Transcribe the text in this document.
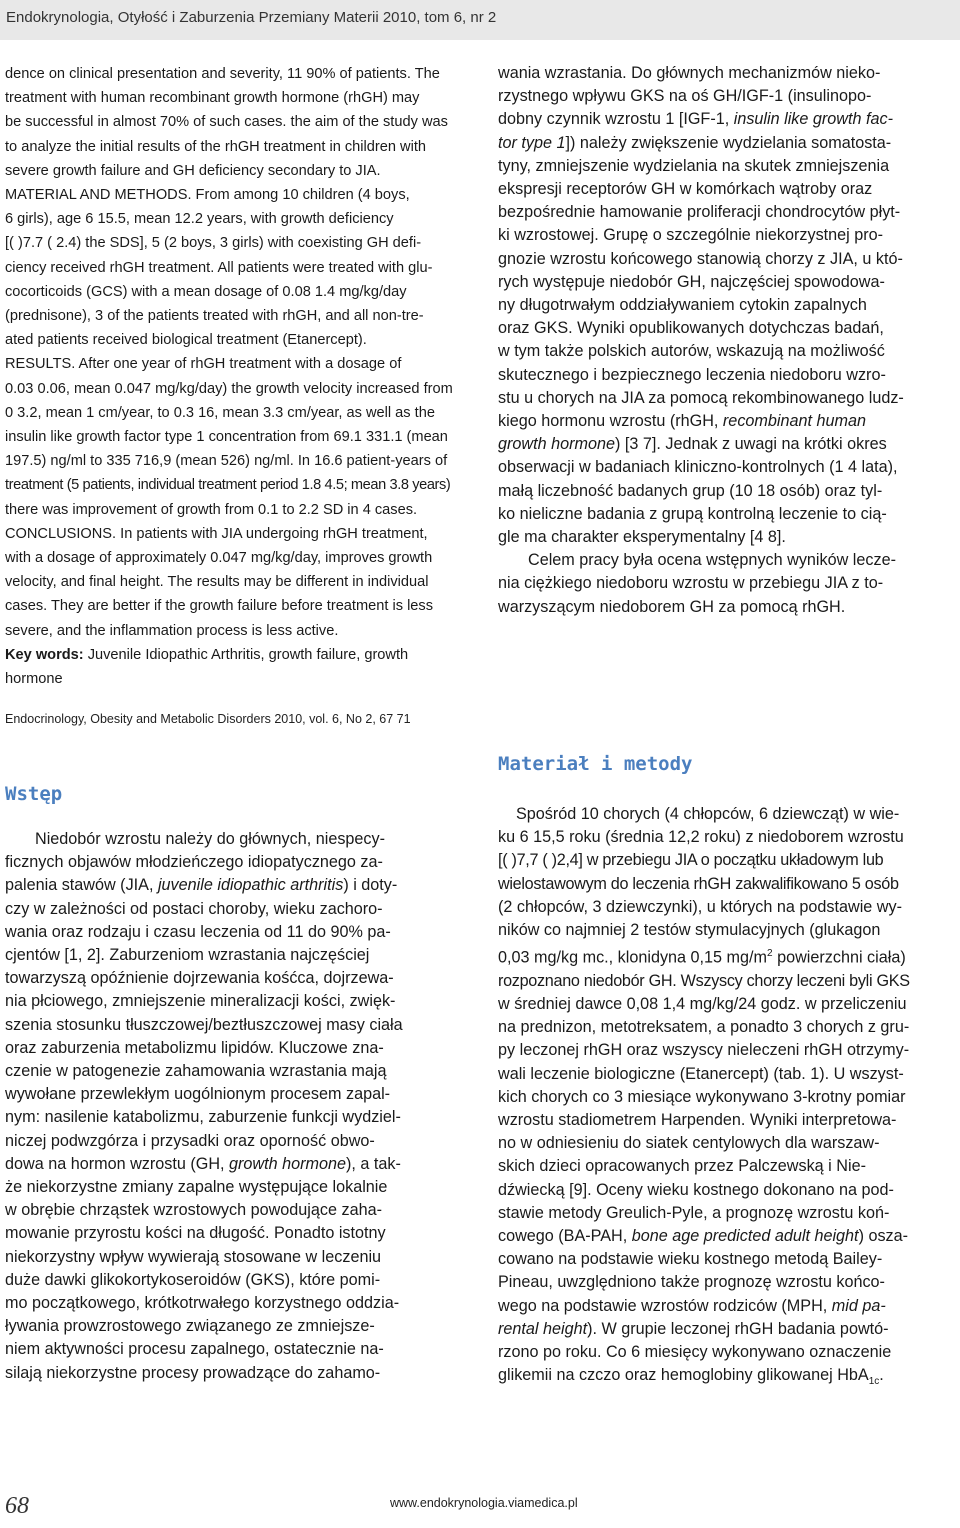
Endokrynologia, Otyłość i Zaburzenia Przemiany Materii 2010, tom 6, nr 2
dence on clinical presentation and severity, 11 90% of patients. The
treatment with human recombinant growth hormone (rhGH) may
be successful in almost 70% of such cases. the aim of the study was
to analyze the initial results of the rhGH treatment in children with
severe growth failure and GH deficiency secondary to JIA.
MATERIAL AND METHODS. From among 10 children (4 boys,
6 girls), age 6 15.5, mean 12.2 years, with growth deficiency
[( )7.7 ( 2.4) the SDS], 5 (2 boys, 3 girls) with coexisting GH defi-
ciency received rhGH treatment. All patients were treated with glu-
cocorticoids (GCS) with a mean dosage of 0.08 1.4 mg/kg/day
(prednisone), 3 of the patients treated with rhGH, and all non-tre-
ated patients received biological treatment (Etanercept).
RESULTS. After one year of rhGH treatment with a dosage of
0.03 0.06, mean 0.047 mg/kg/day) the growth velocity increased from
0 3.2, mean 1 cm/year, to 0.3 16, mean 3.3 cm/year, as well as the
insulin like growth factor type 1 concentration from 69.1 331.1 (mean
197.5) ng/ml to 335 716,9 (mean 526) ng/ml. In 16.6 patient-years of
treatment (5 patients, individual treatment period 1.8 4.5; mean 3.8 years)
there was improvement of growth from 0.1 to 2.2 SD in 4 cases.
CONCLUSIONS. In patients with JIA undergoing rhGH treatment,
with a dosage of approximately 0.047 mg/kg/day, improves growth
velocity, and final height. The results may be different in individual
cases. They are better if the growth failure before treatment is less
severe, and the inflammation process is less active.
Key words: Juvenile Idiopathic Arthritis, growth failure, growth
hormone
Endocrinology, Obesity and Metabolic Disorders 2010, vol. 6, No 2, 67 71
Wstęp
Niedobór wzrostu należy do głównych, niespecy-
ficznych objawów młodzieńczego idiopatycznego za-
palenia stawów (JIA, juvenile idiopathic arthritis) i doty-
czy w zależności od postaci choroby, wieku zachoro-
wania oraz rodzaju i czasu leczenia od 11 do 90% pa-
cjentów [1, 2]. Zaburzeniom wzrastania najczęściej
towarzyszą opóźnienie dojrzewania kośćca, dojrzewa-
nia płciowego, zmniejszenie mineralizacji kości, zwięk-
szenia stosunku tłuszczowej/beztłuszczowej masy ciała
oraz zaburzenia metabolizmu lipidów. Kluczowe zna-
czenie w patogenezie zahamowania wzrastania mają
wywołane przewlekłym uogólnionym procesem zapal-
nym: nasilenie katabolizmu, zaburzenie funkcji wydziel-
niczej podwzgórza i przysadki oraz oporność obwo-
dowa na hormon wzrostu (GH, growth hormone), a tak-
że niekorzystne zmiany zapalne występujące lokalnie
w obrębie chrząstek wzrostowych powodujące zaha-
mowanie przyrostu kości na długość. Ponadto istotny
niekorzystny wpływ wywierają stosowane w leczeniu
duże dawki glikokortykoseroidów (GKS), które pomi-
mo początkowego, krótkotrwałego korzystnego oddzia-
ływania prowzrostowego związanego ze zmniejsze-
niem aktywności procesu zapalnego, ostatecznie na-
silają niekorzystne procesy prowadzące do zahamo-
wania wzrastania. Do głównych mechanizmów nieko-
rzystnego wpływu GKS na oś GH/IGF-1 (insulinopo-
dobny czynnik wzrostu 1 [IGF-1, insulin like growth fac-
tor type 1]) należy zwiększenie wydzielania somatosta-
tyny, zmniejszenie wydzielania na skutek zmniejszenia
ekspresji receptorów GH w komórkach wątroby oraz
bezpośrednie hamowanie proliferacji chondrocytów płyt-
ki wzrostowej. Grupę o szczególnie niekorzystnej pro-
gnozie wzrostu końcowego stanowią chorzy z JIA, u któ-
rych występuje niedobór GH, najczęściej spowodowa-
ny długotrwałym oddziaływaniem cytokin zapalnych
oraz GKS. Wyniki opublikowanych dotychczas badań,
w tym także polskich autorów, wskazują na możliwość
skutecznego i bezpiecznego leczenia niedoboru wzro-
stu u chorych na JIA za pomocą rekombinowanego ludz-
kiego hormonu wzrostu (rhGH, recombinant human
growth hormone) [3 7]. Jednak z uwagi na krótki okres
obserwacji w badaniach kliniczno-kontrolnych (1 4 lata),
małą liczebność badanych grup (10 18 osób) oraz tyl-
ko nieliczne badania z grupą kontrolną leczenie to cią-
gle ma charakter eksperymentalny [4 8].
Celem pracy była ocena wstępnych wyników lecze-
nia ciężkiego niedoboru wzrostu w przebiegu JIA z to-
warzyszącym niedoborem GH za pomocą rhGH.
Materiał i metody
Spośród 10 chorych (4 chłopców, 6 dziewcząt) w wie-
ku 6 15,5 roku (średnia 12,2 roku) z niedoborem wzrostu
[( )7,7 ( )2,4] w przebiegu JIA o początku układowym lub
wielostawowym do leczenia rhGH zakwalifikowano 5 osób
(2 chłopców, 3 dziewczynki), u których na podstawie wy-
ników co najmniej 2 testów stymulacyjnych (glukagon
0,03 mg/kg mc., klonidyna 0,15 $mg/m^2$ powierzchni ciała)
rozpoznano niedobór GH. Wszyscy chorzy leczeni byli GKS
w średniej dawce 0,08 1,4 mg/kg/24 godz. w przeliczeniu
na prednizon, metotreksatem, a ponadto 3 chorych z gru-
py leczonej rhGH oraz wszyscy nieleczeni rhGH otrzymy-
wali leczenie biologiczne (Etanercept) (tab. 1). U wszyst-
kich chorych co 3 miesiące wykonywano 3-krotny pomiar
wzrostu stadiometrem Harpenden. Wyniki interpretowa-
no w odniesieniu do siatek centylowych dla warszaw-
skich dzieci opracowanych przez Palczewską i Nie-
dźwiecką [9]. Oceny wieku kostnego dokonano na pod-
stawie metody Greulich-Pyle, a prognozę wzrostu koń-
cowego (BA-PAH, bone age predicted adult height) osza-
cowano na podstawie wieku kostnego metodą Bailey-
Pineau, uwzględniono także prognozę wzrostu końco-
wego na podstawie wzrostów rodziców (MPH, mid pa-
rental height). W grupie leczonej rhGH badania powtó-
rzono po roku. Co 6 miesięcy wykonywano oznaczenie
glikemii na czczo oraz hemoglobiny glikowanej HbA$_{1c}$.
www.endokrynologia.viamedica.pl
68
